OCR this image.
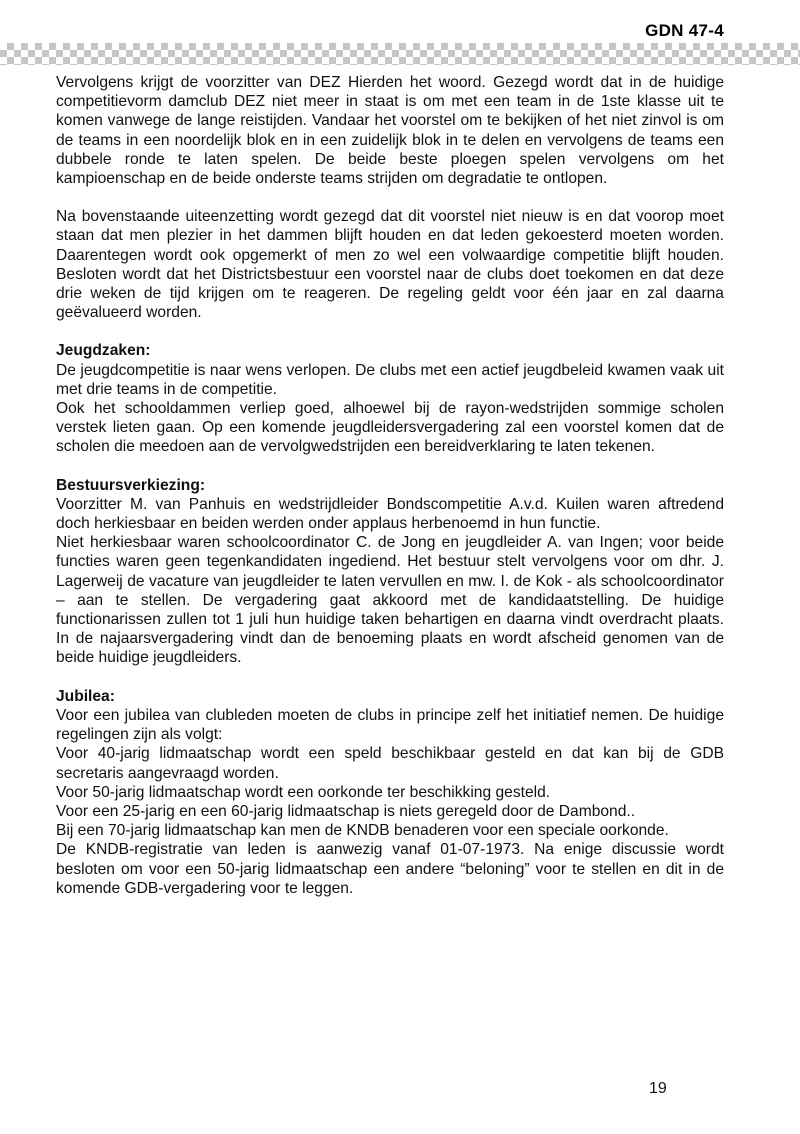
GDN 47-4

Vervolgens krijgt de voorzitter van DEZ Hierden het woord. Gezegd wordt dat in de huidige competitievorm damclub DEZ niet meer in staat is om met een team in de 1ste klasse uit te komen vanwege de lange reistijden. Vandaar het voorstel om te bekijken of het niet zinvol is om de teams in een noordelijk blok en in een zuidelijk blok in te delen en vervolgens de teams een dubbele ronde te laten spelen. De beide beste ploegen spelen vervolgens om het kampioenschap en de beide onderste teams strijden om degradatie te ontlopen.

Na bovenstaande uiteenzetting wordt gezegd dat dit voorstel niet nieuw is en dat voorop moet staan dat men plezier in het dammen blijft houden en dat leden gekoesterd moeten worden. Daarentegen wordt ook opgemerkt of men zo wel een volwaardige competitie blijft houden. Besloten wordt dat het Districtsbestuur een voorstel naar de clubs doet toekomen en dat deze drie weken de tijd krijgen om te reageren. De regeling geldt voor één jaar en zal daarna geëvalueerd worden.

Jeugdzaken:

De jeugdcompetitie is naar wens verlopen. De clubs met een actief jeugdbeleid kwamen vaak uit met drie teams in de competitie.

Ook het schooldammen verliep goed, alhoewel bij de rayon-wedstrijden sommige scholen verstek lieten gaan. Op een komende jeugdleidersvergadering zal een voorstel komen dat de scholen die meedoen aan de vervolgwedstrijden een bereidverklaring te laten tekenen.

Bestuursverkiezing:

Voorzitter M. van Panhuis en wedstrijdleider Bondscompetitie A.v.d. Kuilen waren aftredend doch herkiesbaar en beiden werden onder applaus herbenoemd in hun functie.

Niet herkiesbaar waren schoolcoordinator C. de Jong en jeugdleider A. van Ingen; voor beide functies waren geen tegenkandidaten ingediend. Het bestuur stelt vervolgens voor om dhr. J. Lagerweij de vacature van jeugdleider te laten vervullen en mw. I. de Kok - als schoolcoordinator – aan te stellen. De vergadering gaat akkoord met de kandidaatstelling. De huidige functionarissen zullen tot 1 juli hun huidige taken behartigen en daarna vindt overdracht plaats. In de najaarsvergadering vindt dan de benoeming plaats en wordt afscheid genomen van de beide huidige jeugdleiders.

Jubilea:

Voor een jubilea van clubleden moeten de clubs in principe zelf het initiatief nemen. De huidige regelingen zijn als volgt:

Voor 40-jarig lidmaatschap wordt een speld beschikbaar gesteld en dat kan bij de GDB secretaris aangevraagd worden.

Voor 50-jarig lidmaatschap wordt een oorkonde ter beschikking gesteld.

Voor een 25-jarig en een 60-jarig lidmaatschap is niets geregeld door de Dambond..

Bij een 70-jarig lidmaatschap kan men de KNDB benaderen voor een speciale oorkonde.

De KNDB-registratie van leden is aanwezig vanaf 01-07-1973. Na enige discussie wordt besloten om voor een 50-jarig lidmaatschap een andere “beloning” voor te stellen en dit in de komende GDB-vergadering voor te leggen.

19
